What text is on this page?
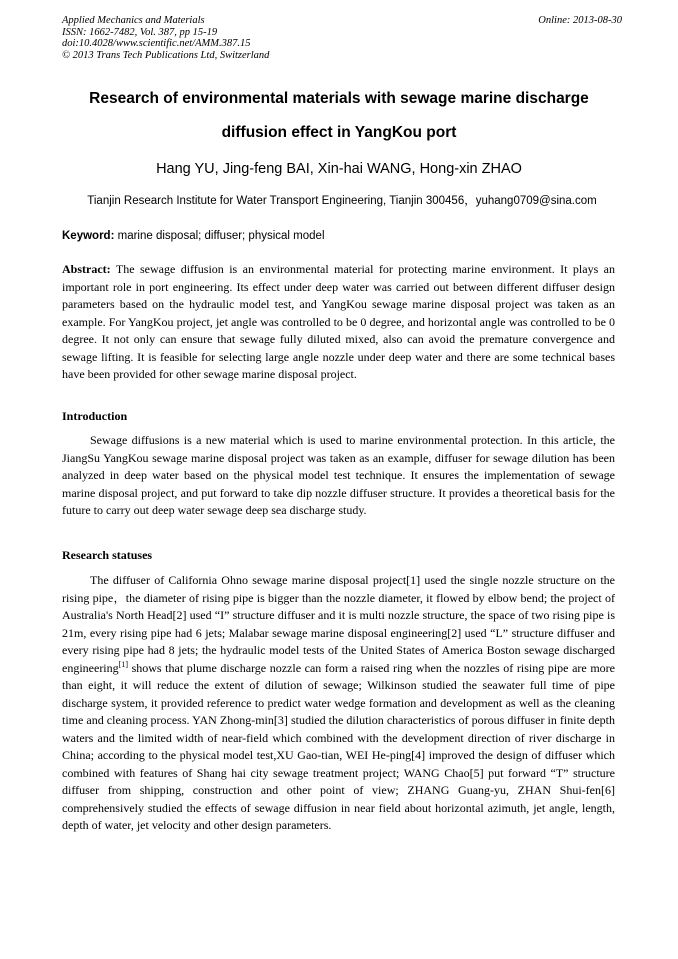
Applied Mechanics and Materials
ISSN: 1662-7482, Vol. 387, pp 15-19
doi:10.4028/www.scientific.net/AMM.387.15
© 2013 Trans Tech Publications Ltd, Switzerland
Online: 2013-08-30
Research of environmental materials with sewage marine discharge
diffusion effect in YangKou port
Hang YU, Jing-feng BAI, Xin-hai WANG, Hong-xin ZHAO
Tianjin Research Institute for Water Transport Engineering, Tianjin 300456，yuhang0709@sina.com
Keyword: marine disposal; diffuser; physical model
Abstract: The sewage diffusion is an environmental material for protecting marine environment. It plays an important role in port engineering. Its effect under deep water was carried out between different diffuser design parameters based on the hydraulic model test, and YangKou sewage marine disposal project was taken as an example. For YangKou project, jet angle was controlled to be 0 degree, and horizontal angle was controlled to be 0 degree. It not only can ensure that sewage fully diluted mixed, also can avoid the premature convergence and sewage lifting. It is feasible for selecting large angle nozzle under deep water and there are some technical bases have been provided for other sewage marine disposal project.
Introduction
Sewage diffusions is a new material which is used to marine environmental protection. In this article, the JiangSu YangKou sewage marine disposal project was taken as an example, diffuser for sewage dilution has been analyzed in deep water based on the physical model test technique. It ensures the implementation of sewage marine disposal project, and put forward to take dip nozzle diffuser structure. It provides a theoretical basis for the future to carry out deep water sewage deep sea discharge study.
Research statuses
The diffuser of California Ohno sewage marine disposal project[1] used the single nozzle structure on the rising pipe，the diameter of rising pipe is bigger than the nozzle diameter, it flowed by elbow bend; the project of Australia's North Head[2] used “I” structure diffuser and it is multi nozzle structure, the space of two rising pipe is 21m, every rising pipe had 6 jets; Malabar sewage marine disposal engineering[2] used “L” structure diffuser and every rising pipe had 8 jets; the hydraulic model tests of the United States of America Boston sewage discharged engineering[1] shows that plume discharge nozzle can form a raised ring when the nozzles of rising pipe are more than eight, it will reduce the extent of dilution of sewage; Wilkinson studied the seawater full time of pipe discharge system, it provided reference to predict water wedge formation and development as well as the cleaning time and cleaning process. YAN Zhong-min[3] studied the dilution characteristics of porous diffuser in finite depth waters and the limited width of near-field which combined with the development direction of river discharge in China; according to the physical model test,XU Gao-tian, WEI He-ping[4] improved the design of diffuser which combined with features of Shang hai city sewage treatment project; WANG Chao[5] put forward “T” structure diffuser from shipping, construction and other point of view; ZHANG Guang-yu, ZHAN Shui-fen[6] comprehensively studied the effects of sewage diffusion in near field about horizontal azimuth, jet angle, length, depth of water, jet velocity and other design parameters.
